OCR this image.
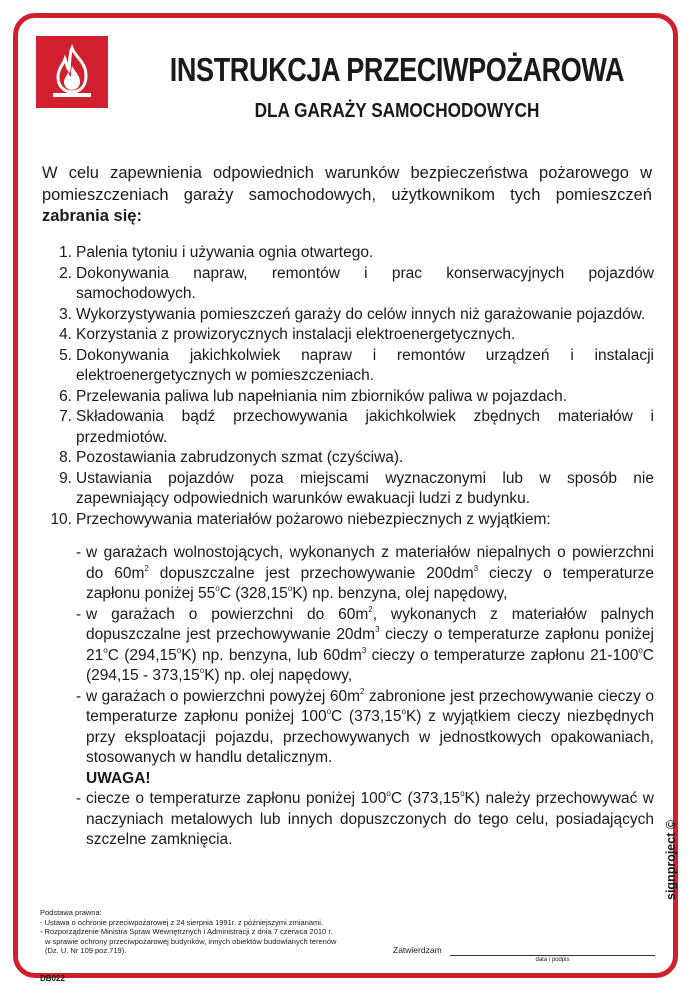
INSTRUKCJA PRZECIWPOŻAROWA
DLA GARAŻY SAMOCHODOWYCH

W celu zapewnienia odpowiednich warunków bezpieczeństwa pożarowego w pomieszczeniach garaży samochodowych, użytkownikom tych pomieszczeń zabrania się:

1. Palenia tytoniu i używania ognia otwartego.
2. Dokonywania napraw, remontów i prac konserwacyjnych pojazdów samochodowych.
3. Wykorzystywania pomieszczeń garaży do celów innych niż garażowanie pojazdów.
4. Korzystania z prowizorycznych instalacji elektroenergetycznych.
5. Dokonywania jakichkolwiek napraw i remontów urządzeń i instalacji elektroenergetycznych w pomieszczeniach.
6. Przelewania paliwa lub napełniania nim zbiorników paliwa w pojazdach.
7. Składowania bądź przechowywania jakichkolwiek zbędnych materiałów i przedmiotów.
8. Pozostawiania zabrudzonych szmat (czyściwa).
9. Ustawiania pojazdów poza miejscami wyznaczonymi lub w sposób nie zapewniający odpowiednich warunków ewakuacji ludzi z budynku.
10. Przechowywania materiałów pożarowo niebezpiecznych z wyjątkiem:
- w garażach wolnostojących, wykonanych z materiałów niepalnych o powierzchni do $60m^2$ dopuszczalne jest przechowywanie $200dm^3$ cieczy o temperaturze zapłonu poniżej 55$^o$C (328,15$^o$K) np. benzyna, olej napędowy,
- w garażach o powierzchni do $60m^2$, wykonanych z materiałów palnych dopuszczalne jest przechowywanie $20dm^3$ cieczy o temperaturze zapłonu poniżej 21$^o$C (294,15$^o$K) np. benzyna, lub $60dm^3$ cieczy o temperaturze zapłonu 21-100$^o$C (294,15 - 373,15$^o$K) np. olej napędowy,
- w garażach o powierzchni powyżej $60m^2$ zabronione jest przechowywanie cieczy o temperaturze zapłonu poniżej 100$^o$C (373,15$^o$K) z wyjątkiem cieczy niezbędnych przy eksploatacji pojazdu, przechowywanych w jednostkowych opakowaniach, stosowanych w handlu detalicznym.
UWAGA!
- ciecze o temperaturze zapłonu poniżej 100$^o$C (373,15$^o$K) należy przechowywać w naczyniach metalowych lub innych dopuszczonych do tego celu, posiadających szczelne zamknięcia.
Podstawa prawna:
- Ustawa o ochronie przeciwpożarowej z 24 sierpnia 1991r. z późniejszymi zmianami.
- Rozporządzenie Ministra Spraw Wewnętrznych i Administracji z dnia 7 czerwca 2010 r.
w sprawie ochrony przeciwpożarowej budynków, innych obiektów budowlanych terenów
(Dz. U. Nr 109 poz.719).	Zatwierdzam
data i podpis
signproject ©
DB022
